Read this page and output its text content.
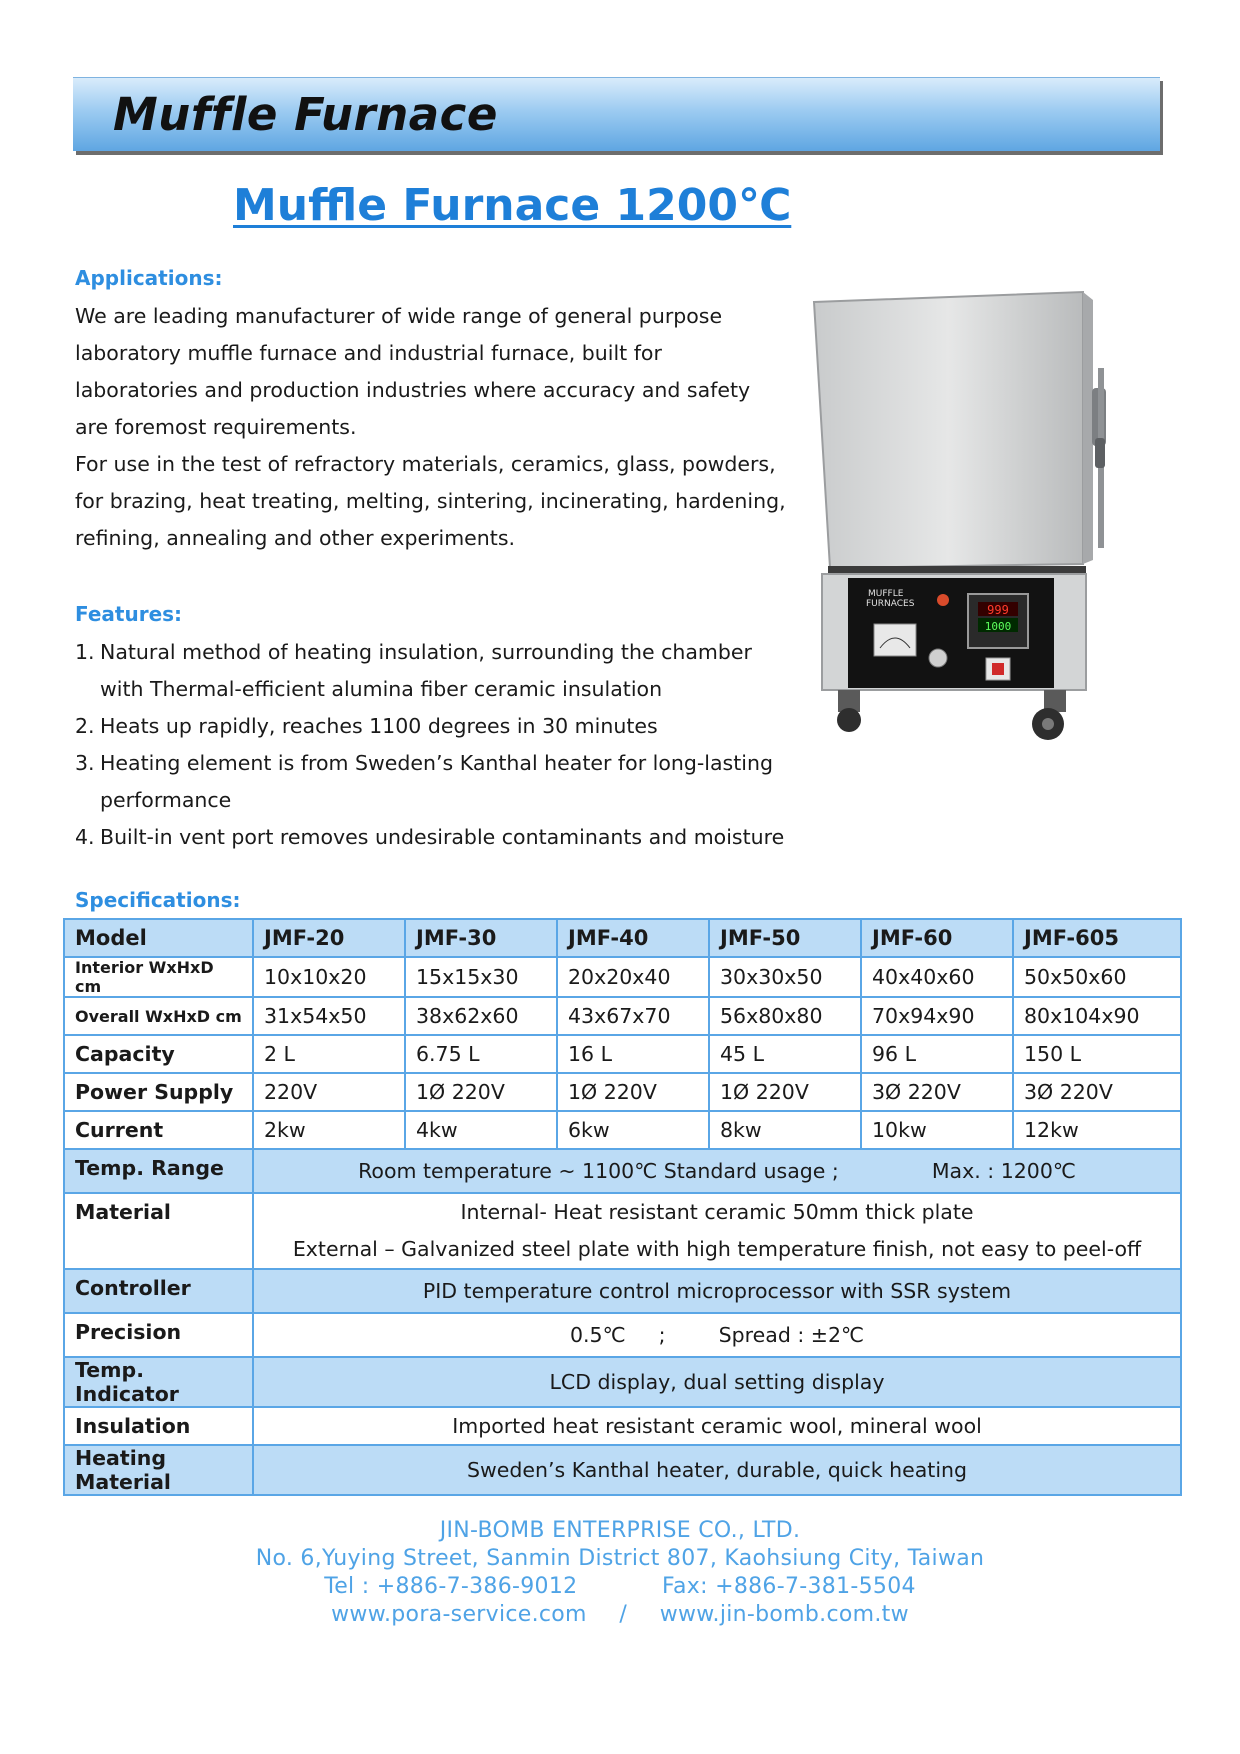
Muffle Furnace
Muffle Furnace 1200℃
Applications:
We are leading manufacturer of wide range of general purpose
laboratory muffle furnace and industrial furnace, built for
laboratories and production industries where accuracy and safety
are foremost requirements.
For use in the test of refractory materials, ceramics, glass, powders,
for brazing, heat treating, melting, sintering, incinerating, hardening,
refining, annealing and other experiments.
Features:
1. Natural method of heating insulation, surrounding the chamber
with Thermal-efficient alumina fiber ceramic insulation
2. Heats up rapidly, reaches 1100 degrees in 30 minutes
3. Heating element is from Sweden’s Kanthal heater for long-lasting
performance
4. Built-in vent port removes undesirable contaminants and moisture
MUFFLE
FURNACES	999
1000
Specifications:
Model	JMF-20	JMF-30	JMF-40	JMF-50	JMF-60	JMF-605
Interior WxHxD cm	10x10x20	15x15x30	20x20x40	30x30x50	40x40x60	50x50x60
Overall WxHxD cm	31x54x50	38x62x60	43x67x70	56x80x80	70x94x90	80x104x90
Capacity	2 L	6.75 L	16 L	45 L	96 L	150 L
Power Supply	220V	1Ø 220V	1Ø 220V	1Ø 220V	3Ø 220V	3Ø 220V
Current	2kw	4kw	6kw	8kw	10kw	12kw
Temp. Range	Room temperature ~ 1100℃ Standard usage ; Max. : 1200℃					
Material	Internal- Heat resistant ceramic 50mm thick plate
External – Galvanized steel plate with high temperature finish, not easy to peel-off					

Controller	PID temperature control microprocessor with SSR system					
Precision	0.5℃ ; Spread : ±2℃					
Temp. Indicator	LCD display, dual setting display					
Insulation	Imported heat resistant ceramic wool, mineral wool					
Heating Material	Sweden’s Kanthal heater, durable, quick heating					
JIN-BOMB ENTERPRISE CO., LTD.
No. 6,Yuying Street, Sanmin District 807, Kaohsiung City, Taiwan
Tel : +886-7-386-9012	Fax: +886-7-381-5504
www.pora-service.com / www.jin-bomb.com.tw
